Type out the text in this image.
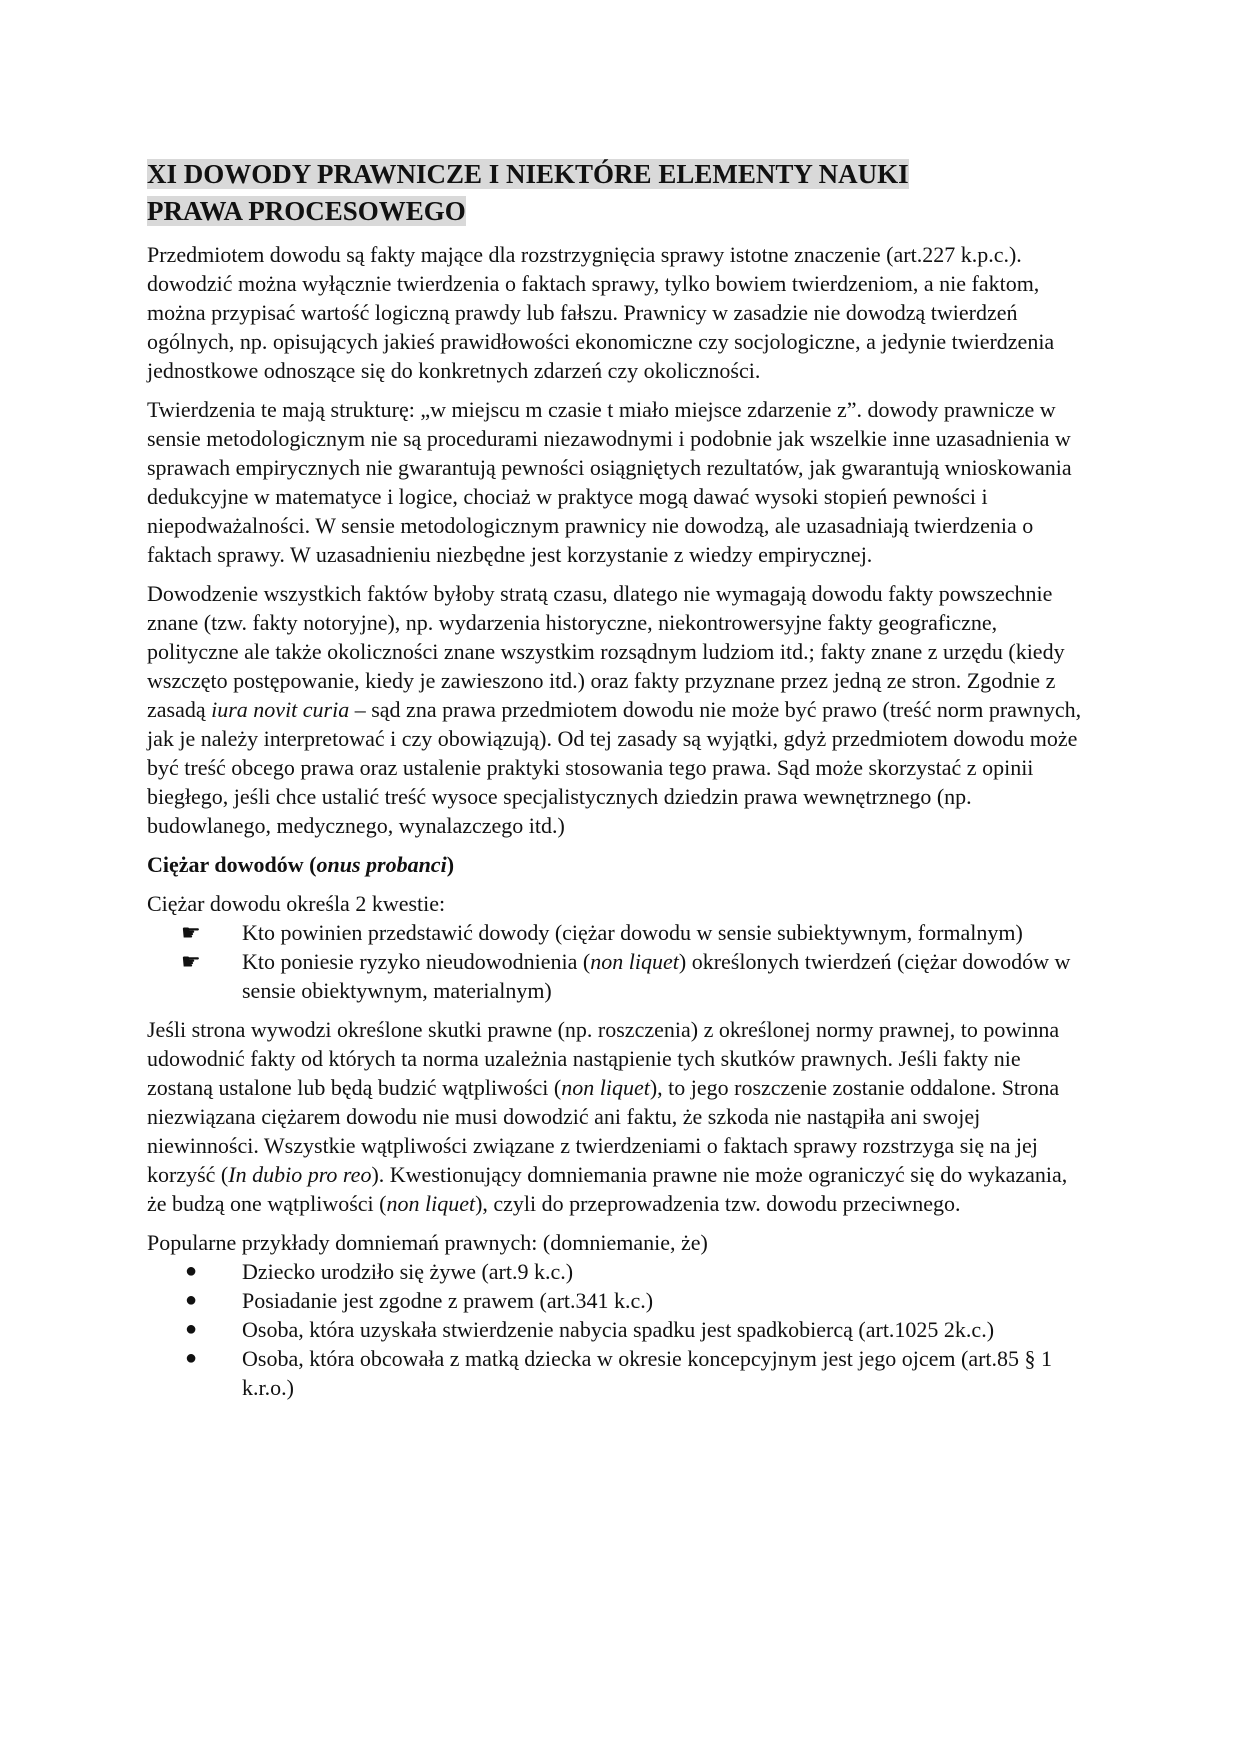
XI DOWODY PRAWNICZE I NIEKTÓRE ELEMENTY NAUKI
PRAWA PROCESOWEGO

Przedmiotem dowodu są fakty mające dla rozstrzygnięcia sprawy istotne znaczenie (art.227 k.p.c.). dowodzić można wyłącznie twierdzenia o faktach sprawy, tylko bowiem twierdzeniom, a nie faktom, można przypisać wartość logiczną prawdy lub fałszu. Prawnicy w zasadzie nie dowodzą twierdzeń ogólnych, np. opisujących jakieś prawidłowości ekonomiczne czy socjologiczne, a jedynie twierdzenia jednostkowe odnoszące się do konkretnych zdarzeń czy okoliczności.

Twierdzenia te mają strukturę: „w miejscu m czasie t miało miejsce zdarzenie z”. dowody prawnicze w sensie metodologicznym nie są procedurami niezawodnymi i podobnie jak wszelkie inne uzasadnienia w sprawach empirycznych nie gwarantują pewności osiągniętych rezultatów, jak gwarantują wnioskowania dedukcyjne w matematyce i logice, chociaż w praktyce mogą dawać wysoki stopień pewności i niepodważalności. W sensie metodologicznym prawnicy nie dowodzą, ale uzasadniają twierdzenia o faktach sprawy. W uzasadnieniu niezbędne jest korzystanie z wiedzy empirycznej.

Dowodzenie wszystkich faktów byłoby stratą czasu, dlatego nie wymagają dowodu fakty powszechnie znane (tzw. fakty notoryjne), np. wydarzenia historyczne, niekontrowersyjne fakty geograficzne, polityczne ale także okoliczności znane wszystkim rozsądnym ludziom itd.; fakty znane z urzędu (kiedy wszczęto postępowanie, kiedy je zawieszono itd.) oraz fakty przyznane przez jedną ze stron. Zgodnie z zasadą iura novit curia – sąd zna prawa przedmiotem dowodu nie może być prawo (treść norm prawnych, jak je należy interpretować i czy obowiązują). Od tej zasady są wyjątki, gdyż przedmiotem dowodu może być treść obcego prawa oraz ustalenie praktyki stosowania tego prawa. Sąd może skorzystać z opinii biegłego, jeśli chce ustalić treść wysoce specjalistycznych dziedzin prawa wewnętrznego (np. budowlanego, medycznego, wynalazczego itd.)

Ciężar dowodów (onus probanci)

Ciężar dowodu określa 2 kwestie:

☛ Kto powinien przedstawić dowody (ciężar dowodu w sensie subiektywnym, formalnym)
☛ Kto poniesie ryzyko nieudowodnienia (non liquet) określonych twierdzeń (ciężar dowodów w sensie obiektywnym, materialnym)

Jeśli strona wywodzi określone skutki prawne (np. roszczenia) z określonej normy prawnej, to powinna udowodnić fakty od których ta norma uzależnia nastąpienie tych skutków prawnych. Jeśli fakty nie zostaną ustalone lub będą budzić wątpliwości (non liquet), to jego roszczenie zostanie oddalone. Strona niezwiązana ciężarem dowodu nie musi dowodzić ani faktu, że szkoda nie nastąpiła ani swojej niewinności. Wszystkie wątpliwości związane z twierdzeniami o faktach sprawy rozstrzyga się na jej korzyść (In dubio pro reo). Kwestionujący domniemania prawne nie może ograniczyć się do wykazania, że budzą one wątpliwości (non liquet), czyli do przeprowadzenia tzw. dowodu przeciwnego.

Popularne przykłady domniemań prawnych: (domniemanie, że)

● Dziecko urodziło się żywe (art.9 k.c.)
● Posiadanie jest zgodne z prawem (art.341 k.c.)
● Osoba, która uzyskała stwierdzenie nabycia spadku jest spadkobiercą (art.1025 2k.c.)
● Osoba, która obcowała z matką dziecka w okresie koncepcyjnym jest jego ojcem (art.85 § 1 k.r.o.)
